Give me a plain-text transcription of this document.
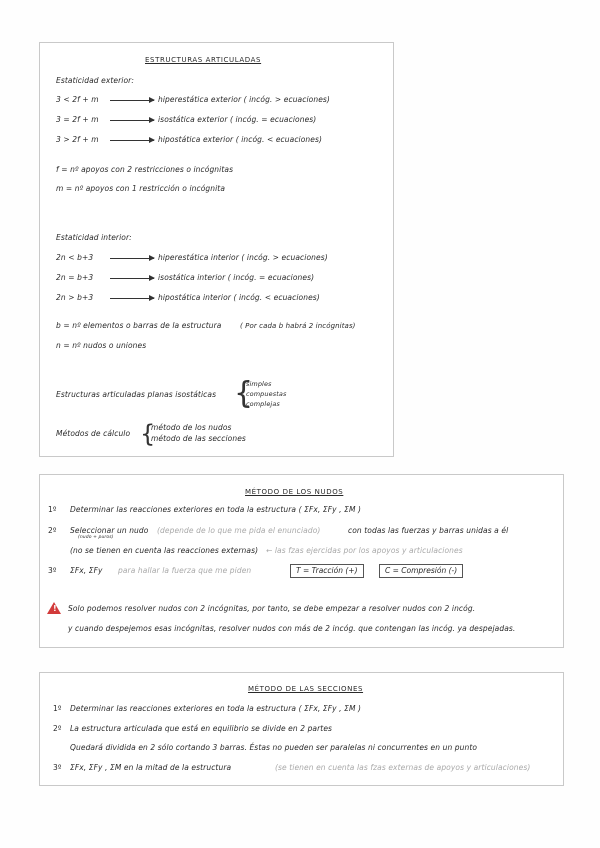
ESTRUCTURAS ARTICULADAS
Estaticidad exterior:
3 < 2f + m	hiperestática exterior ( incóg. > ecuaciones)
3 = 2f + m	isostática exterior ( incóg. = ecuaciones)
3 > 2f + m	hipostática exterior ( incóg. < ecuaciones)
f = nº apoyos con 2 restricciones o incógnitas
m = nº apoyos con 1 restricción o incógnita
Estaticidad interior:
2n < b+3	hiperestática interior ( incóg. > ecuaciones)
2n = b+3	isostática interior ( incóg. = ecuaciones)
2n > b+3	hipostática interior ( incóg. < ecuaciones)
b = nº elementos o barras de la estructura	( Por cada b habrá 2 incógnitas)
n = nº nudos o uniones
Estructuras articuladas planas isostáticas {
simples
compuestas
complejas
Métodos de cálculo {
método de los nudos
método de las secciones
MÉTODO DE LOS NUDOS
1º Determinar las reacciones exteriores en toda la estructura ( ΣFx, ΣFy , ΣM )
2º Seleccionar un nudo (depende de lo que me pida el enunciado)	con todas las fuerzas y barras unidas a él
(nudo + puros)
(no se tienen en cuenta las reacciones externas) ← las fzas ejercidas por los apoyos y articulaciones
3º ΣFx, ΣFy para hallar la fuerza que me piden	T = Tracción (+)	C = Compresión (-)
! Solo podemos resolver nudos con 2 incógnitas, por tanto, se debe empezar a resolver nudos con 2 incóg.
y cuando despejemos esas incógnitas, resolver nudos con más de 2 incóg. que contengan las incóg. ya despejadas.
MÉTODO DE LAS SECCIONES
1º Determinar las reacciones exteriores en toda la estructura ( ΣFx, ΣFy , ΣM )
2º La estructura articulada que está en equilibrio se divide en 2 partes
Quedará dividida en 2 sólo cortando 3 barras. Éstas no pueden ser paralelas ni concurrentes en un punto
3º ΣFx, ΣFy , ΣM en la mitad de la estructura	(se tienen en cuenta las fzas externas de apoyos y articulaciones)
